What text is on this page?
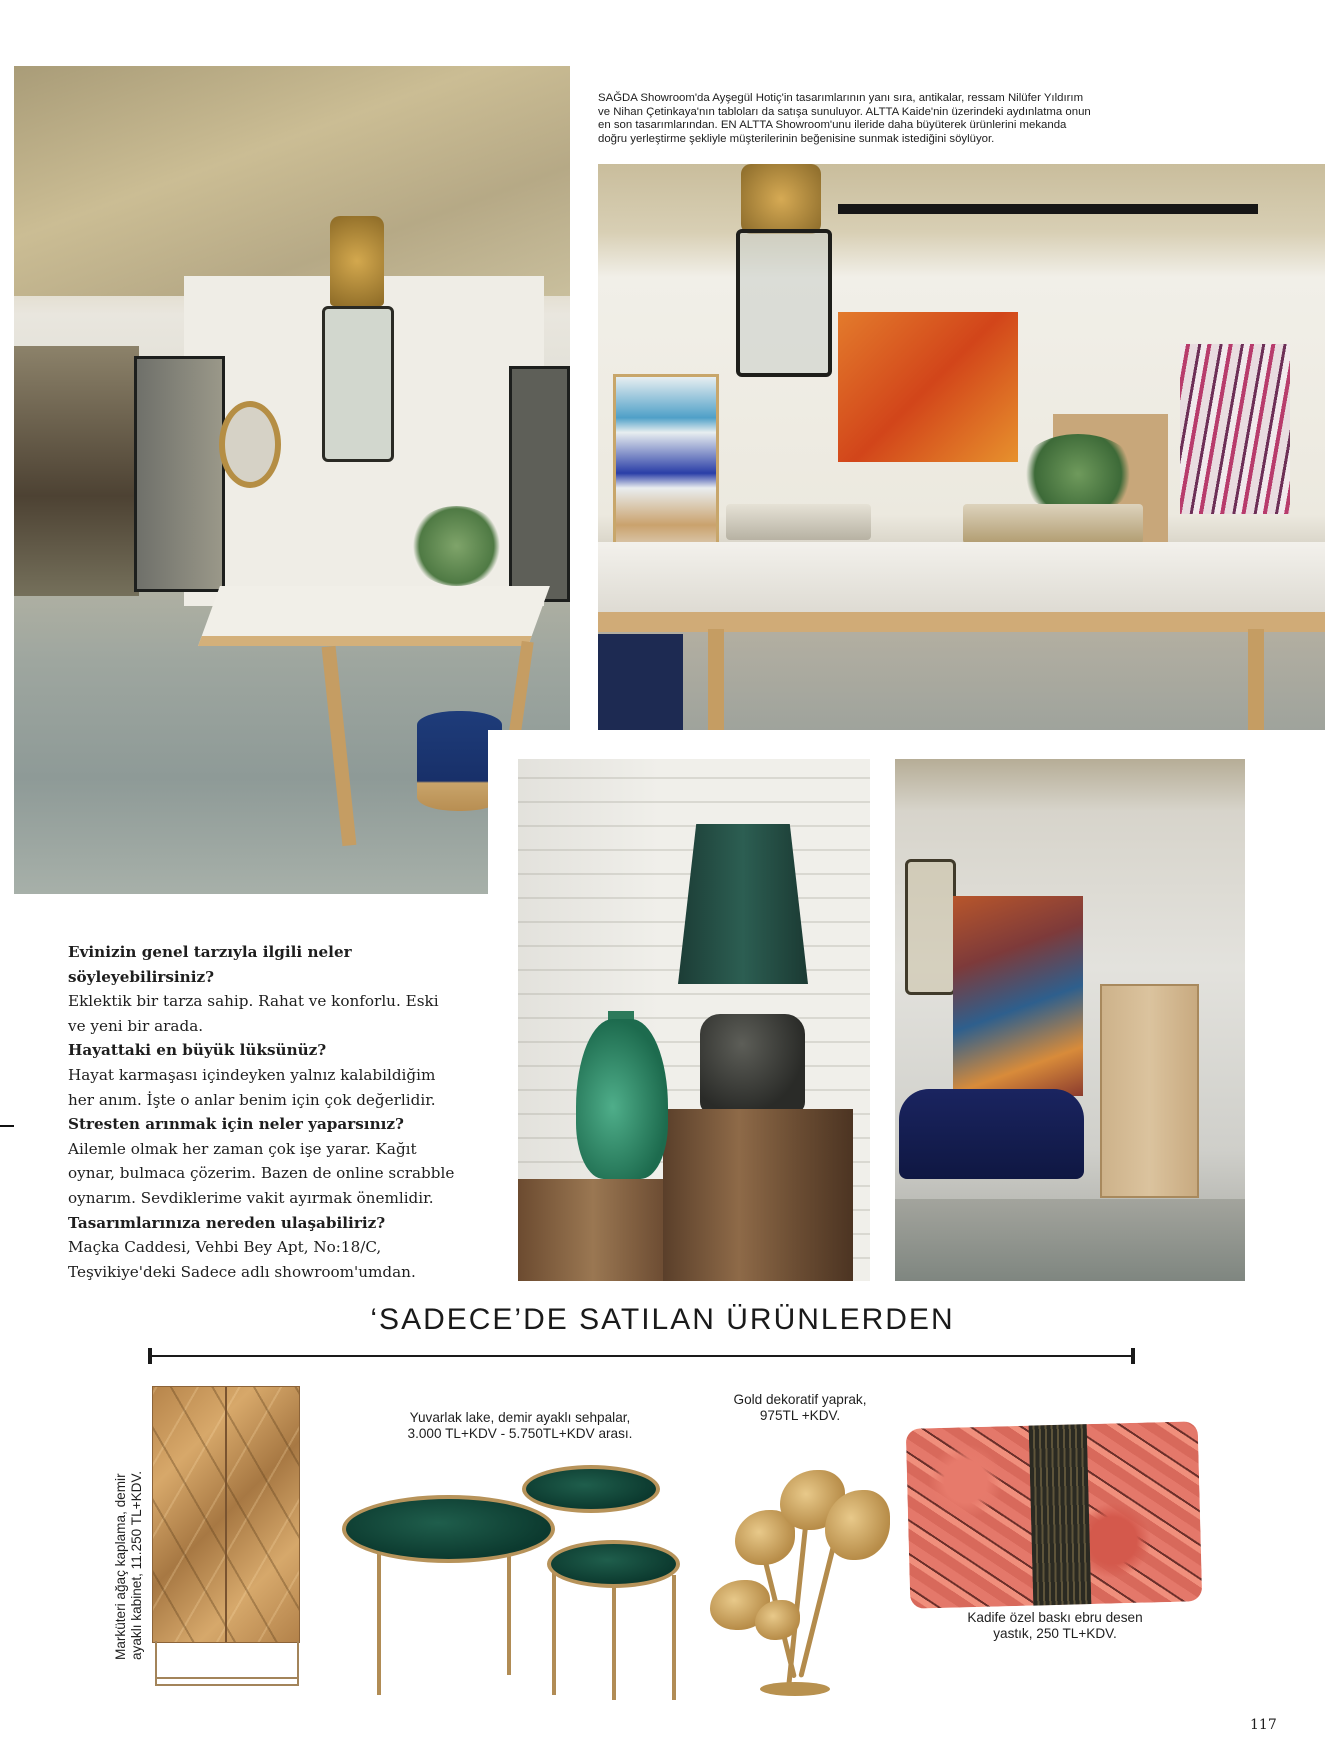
SAĞDA Showroom'da Ayşegül Hotiç'in tasarımlarının yanı sıra, antikalar, ressam Nilüfer Yıldırım

ve Nihan Çetinkaya'nın tabloları da satışa sunuluyor. ALTTA Kaide'nin üzerindeki aydınlatma onun

en son tasarımlarından. EN ALTTA Showroom'unu ileride daha büyüterek ürünlerini mekanda

doğru yerleştirme şekliyle müşterilerinin beğenisine sunmak istediğini söylüyor.

Evinizin genel tarzıyla ilgili neler

söyleyebilirsiniz?

Eklektik bir tarza sahip. Rahat ve konforlu. Eski

ve yeni bir arada.

Hayattaki en büyük lüksünüz?

Hayat karmaşası içindeyken yalnız kalabildiğim

her anım. İşte o anlar benim için çok değerlidir.

Stresten arınmak için neler yaparsınız?

Ailemle olmak her zaman çok işe yarar. Kağıt

oynar, bulmaca çözerim. Bazen de online scrabble

oynarım. Sevdiklerime vakit ayırmak önemlidir.

Tasarımlarınıza nereden ulaşabiliriz?

Maçka Caddesi, Vehbi Bey Apt, No:18/C,

Teşvikiye'deki Sadece adlı showroom'umdan.

‘SADECE’DE SATILAN ÜRÜNLERDEN

Marküteri ağaç kaplama, demir ayaklı kabinet, 11.250 TL+KDV.

Yuvarlak lake, demir ayaklı sehpalar,

3.000 TL+KDV - 5.750TL+KDV arası.

Gold dekoratif yaprak,

975TL +KDV.

Kadife özel baskı ebru desen

yastık, 250 TL+KDV.

117
